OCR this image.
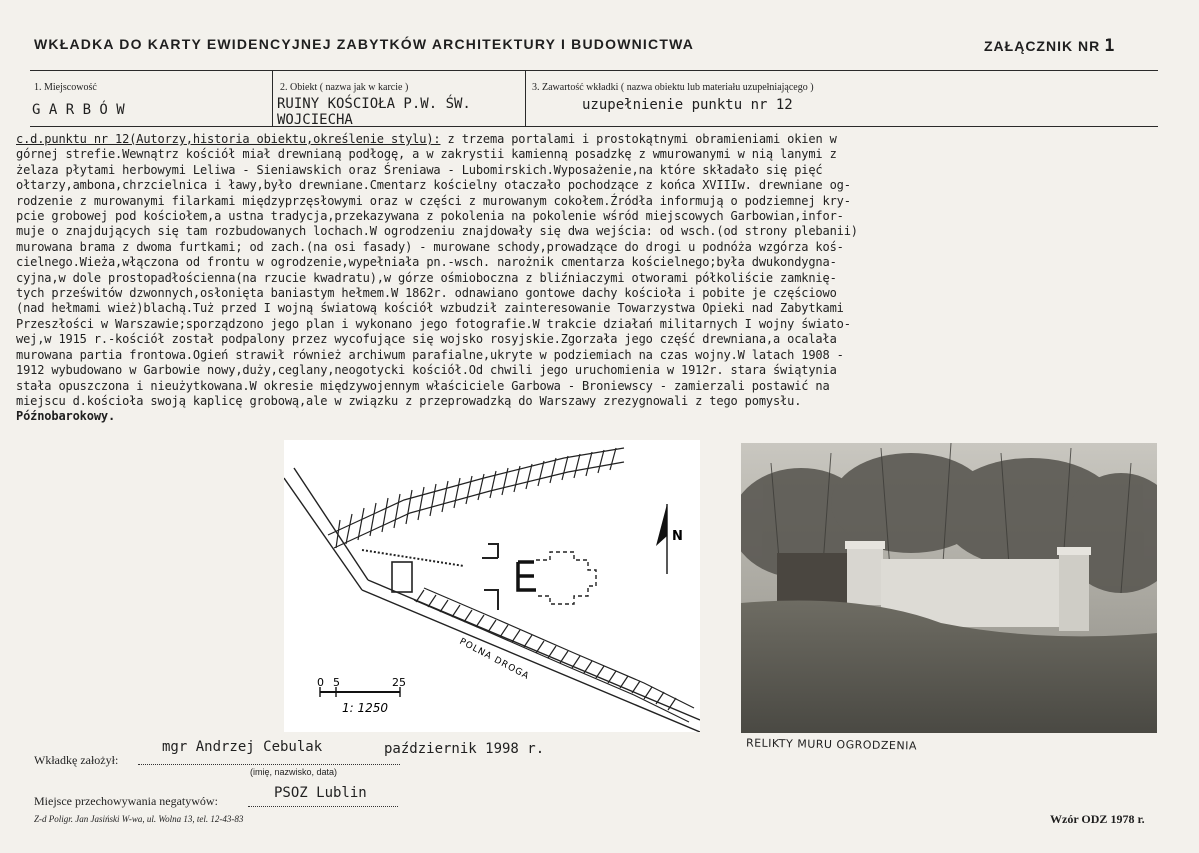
WKŁADKA DO KARTY EWIDENCYJNEJ ZABYTKÓW ARCHITEKTURY I BUDOWNICTWA	ZAŁĄCZNIK NR 1
1. Miejscowość
G A R B Ó W
2. Obiekt ( nazwa jak w karcie )
RUINY KOŚCIOŁA P.W. ŚW.
WOJCIECHA
3. Zawartość wkładki ( nazwa obiektu lub materiału uzupełniającego )
uzupełnienie punktu nr 12
c.d.punktu nr 12(Autorzy,historia obiektu,określenie stylu): z trzema portalami i prostokątnymi obramieniami okien w
górnej strefie.Wewnątrz kościół miał drewnianą podłogę, a w zakrystii kamienną posadzkę z wmurowanymi w nią lanymi z
żelaza płytami herbowymi Leliwa - Sieniawskich oraz Śreniawa - Lubomirskich.Wyposażenie,na które składało się pięć
ołtarzy,ambona,chrzcielnica i ławy,było drewniane.Cmentarz kościelny otaczało pochodzące z końca XVIIIw. drewniane og-
rodzenie z murowanymi filarkami międzyprzęsłowymi oraz w części z murowanym cokołem.Źródła informują o podziemnej kry-
pcie grobowej pod kościołem,a ustna tradycja,przekazywana z pokolenia na pokolenie wśród miejscowych Garbowian,infor-
muje o znajdujących się tam rozbudowanych lochach.W ogrodzeniu znajdowały się dwa wejścia: od wsch.(od strony plebanii)
murowana brama z dwoma furtkami; od zach.(na osi fasady) - murowane schody,prowadzące do drogi u podnóża wzgórza koś-
cielnego.Wieża,włączona od frontu w ogrodzenie,wypełniała pn.-wsch. narożnik cmentarza kościelnego;była dwukondygna-
cyjna,w dole prostopadłościenna(na rzucie kwadratu),w górze ośmioboczna z bliźniaczymi otworami półkoliście zamknię-
tych prześwitów dzwonnych,osłonięta baniastym hełmem.W 1862r. odnawiano gontowe dachy kościoła i pobite je częściowo
(nad hełmami wież)blachą.Tuż przed I wojną światową kościół wzbudził zainteresowanie Towarzystwa Opieki nad Zabytkami
Przeszłości w Warszawie;sporządzono jego plan i wykonano jego fotografie.W trakcie działań militarnych I wojny świato-
wej,w 1915 r.-kościół został podpalony przez wycofujące się wojsko rosyjskie.Zgorzała jego część drewniana,a ocalała
murowana partia frontowa.Ogień strawił również archiwum parafialne,ukryte w podziemiach na czas wojny.W latach 1908 -
1912 wybudowano w Garbowie nowy,duży,ceglany,neogotycki kościół.Od chwili jego uruchomienia w 1912r. stara świątynia
stała opuszczona i nieużytkowana.W okresie międzywojennym właściciele Garbowa - Broniewscy - zamierzali postawić na
miejscu d.kościoła swoją kaplicę grobową,ale w związku z przeprowadzką do Warszawy zrezygnowali z tego pomysłu.
Późnobarokowy.
N
POLNA DROGA
0 5	25
1: 1250
RELIKTY MURU OGRODZENIA
Wkładkę założył:
mgr Andrzej Cebulak	październik 1998 r.
(imię, nazwisko, data)
Miejsce przechowywania negatywów:	PSOZ Lublin
Z-d Poligr. Jan Jasiński W-wa, ul. Wolna 13, tel. 12-43-83	Wzór ODZ 1978 r.
